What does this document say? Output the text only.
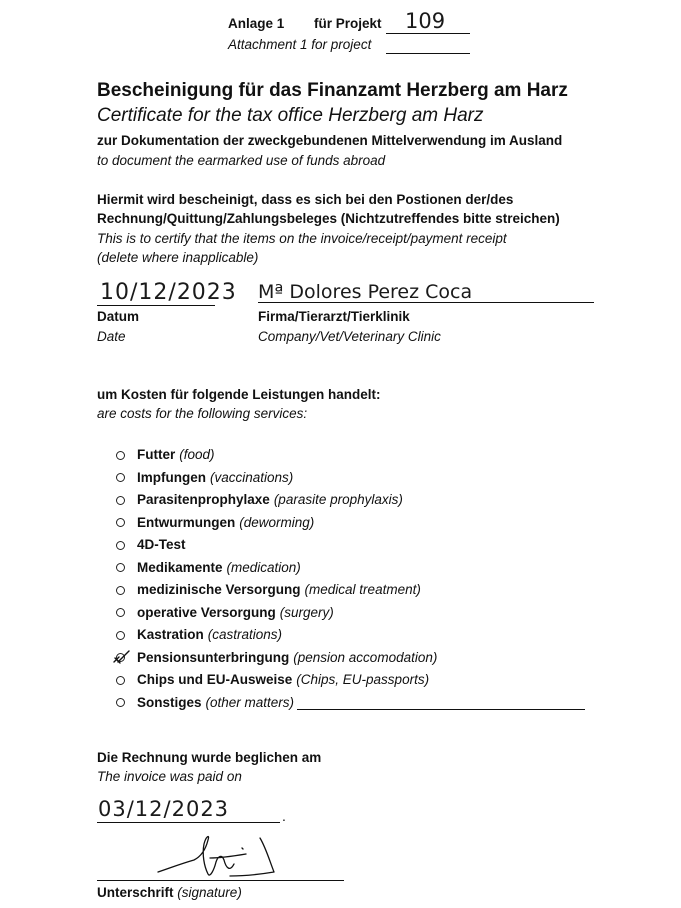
Anlage 1 für Projekt 109
Attachment 1 for project
Bescheinigung für das Finanzamt Herzberg am Harz
Certificate for the tax office Herzberg am Harz
zur Dokumentation der zweckgebundenen Mittelverwendung im Ausland
to document the earmarked use of funds abroad
Hiermit wird bescheinigt, dass es sich bei den Postionen der/des
Rechnung/Quittung/Zahlungsbeleges (Nichtzutreffendes bitte streichen)
This is to certify that the items on the invoice/receipt/payment receipt
(delete where inapplicable)
10/12/2023 Mª Dolores Perez Coca
Datum
Date
Firma/Tierarzt/Tierklinik
Company/Vet/Veterinary Clinic
um Kosten für folgende Leistungen handelt:
are costs for the following services:
Futter (food)
Impfungen (vaccinations)
Parasitenprophylaxe (parasite prophylaxis)
Entwurmungen (deworming)
4D-Test
Medikamente (medication)
medizinische Versorgung (medical treatment)
operative Versorgung (surgery)
Kastration (castrations)
Pensionsunterbringung (pension accomodation)
Chips und EU-Ausweise (Chips, EU-passports)
Sonstiges (other matters)
Die Rechnung wurde beglichen am
The invoice was paid on
03/12/2023	.
Unterschrift (signature)
